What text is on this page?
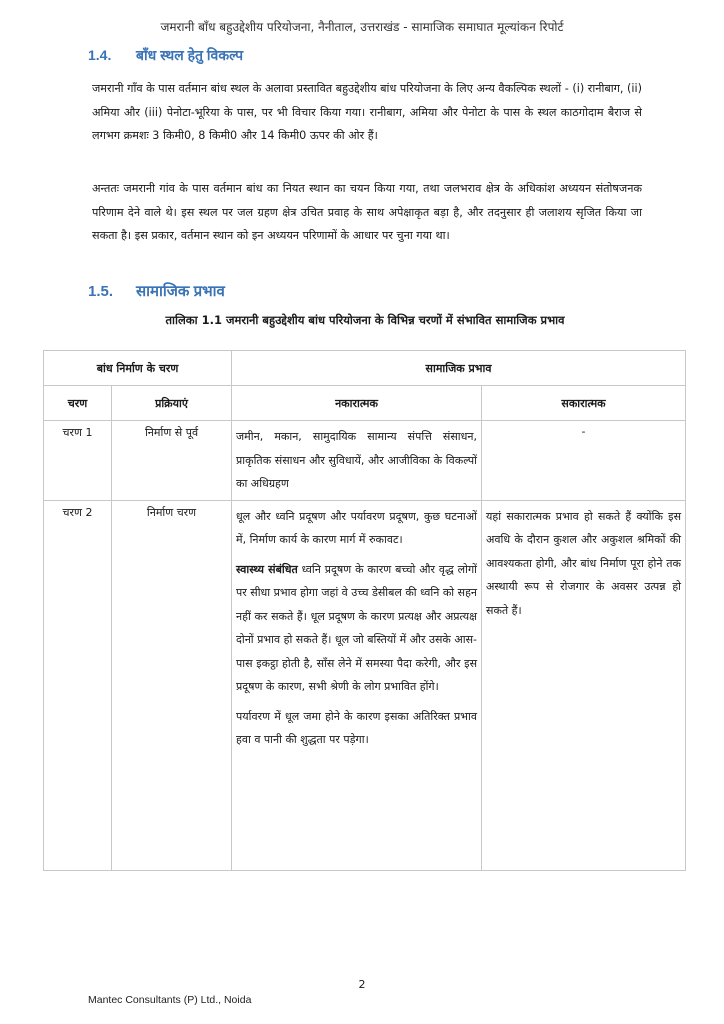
जमरानी बाँध बहुउद्देशीय परियोजना, नैनीताल, उत्तराखंड - सामाजिक समाघात मूल्यांकन रिपोर्ट
1.4. बाँध स्थल हेतु विकल्प

जमरानी गाँव के पास वर्तमान बांध स्थल के अलावा प्रस्तावित बहुउद्देशीय बांध परियोजना के लिए अन्य वैकल्पिक स्थलों - (i) रानीबाग, (ii) अमिया और (iii) पेनोटा-भूरिया के पास, पर भी विचार किया गया। रानीबाग, अमिया और पेनोटा के पास के स्थल काठगोदाम बैराज से लगभग क्रमशः 3 किमी0, 8 किमी0 और 14 किमी0 ऊपर की ओर हैं।

अन्ततः जमरानी गांव के पास वर्तमान बांध का नियत स्थान का चयन किया गया, तथा जलभराव क्षेत्र के अधिकांश अध्ययन संतोषजनक परिणाम देने वाले थे। इस स्थल पर जल ग्रहण क्षेत्र उचित प्रवाह के साथ अपेक्षाकृत बड़ा है, और तदनुसार ही जलाशय सृजित किया जा सकता है। इस प्रकार, वर्तमान स्थान को इन अध्ययन परिणामों के आधार पर चुना गया था।

1.5. सामाजिक प्रभाव
तालिका 1.1 जमरानी बहुउद्देशीय बांध परियोजना के विभिन्न चरणों में संभावित सामाजिक प्रभाव
बांध निर्माण के चरण		सामाजिक प्रभाव	
चरण	प्रक्रियाएं	नकारात्मक	सकारात्मक
चरण 1	निर्माण से पूर्व	जमीन, मकान, सामुदायिक सामान्य संपत्ति संसाधन, प्राकृतिक संसाधन और सुविधायें, और आजीविका के विकल्पों का अधिग्रहण	-
चरण 2	निर्माण चरण	धूल और ध्वनि प्रदूषण और पर्यावरण प्रदूषण, कुछ घटनाओं में, निर्माण कार्य के कारण मार्ग में रुकावट।

स्वास्थ्य संबंधित ध्वनि प्रदूषण के कारण बच्चो और वृद्ध लोगों पर सीधा प्रभाव होगा जहां वे उच्च डेसीबल की ध्वनि को सहन नहीं कर सकते हैं। धूल प्रदूषण के कारण प्रत्यक्ष और अप्रत्यक्ष दोनों प्रभाव हो सकते हैं। धूल जो बस्तियों में और उसके आस-पास इकट्ठा होती है, साँस लेने में समस्या पैदा करेगी, और इस प्रदूषण के कारण, सभी श्रेणी के लोग प्रभावित होंगे।

पर्यावरण में धूल जमा होने के कारण इसका अतिरिक्त प्रभाव हवा व पानी की शुद्धता पर पड़ेगा।	यहां सकारात्मक प्रभाव हो सकते हैं क्योंकि इस अवधि के दौरान कुशल और अकुशल श्रमिकों की आवश्यकता होगी, और बांध निर्माण पूरा होने तक अस्थायी रूप से रोजगार के अवसर उत्पन्न हो सकते हैं।
2
Mantec Consultants (P) Ltd., Noida
